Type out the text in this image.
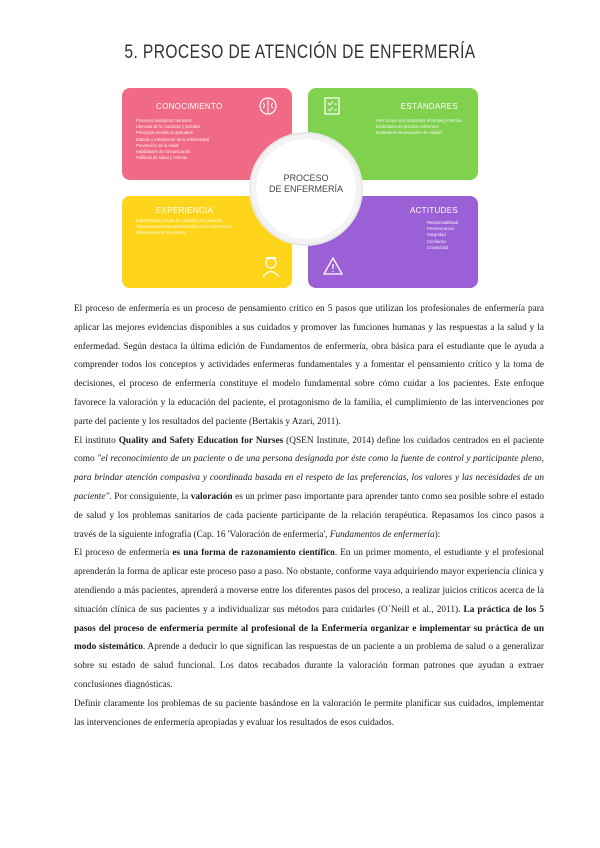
5. PROCESO DE ATENCIÓN DE ENFERMERÍA
CONOCIMIENTO
Procesos biológicos humanos
Ciencias de la conducta y sociales
Principios científicos aplicados
Estudio y tratamiento de la enfermedad
Prevención de la salud
Habilidades de comunicación
Políticas de salud y normas
ESTÁNDARES
ANA Scope and Standards of Nursing Practice
Estándares de práctica enfermera
Estándares intelectuales de calidad
EXPERIENCIA
Experiencias previas en cuidados del paciente
Situaciones previas relacionadas con la enfermería
Observación de los demás
ACTITUDES
Responsabilidad
Perseverancia
Integridad
Confianza
Creatividad
PROCESO
DE ENFERMERÍA

El proceso de enfermería es un proceso de pensamiento crítico en 5 pasos que utilizan los profesionales de enfermería para aplicar las mejores evidencias disponibles a sus cuidados y promover las funciones humanas y las respuestas a la salud y la enfermedad. Según destaca la última edición de Fundamentos de enfermería, obra básica para el estudiante que le ayuda a comprender todos los conceptos y actividades enfermeras fundamentales y a fomentar el pensamiento crítico y la toma de decisiones, el proceso de enfermería constituye el modelo fundamental sobre cómo cuidar a los pacientes. Este enfoque favorece la valoración y la educación del paciente, el protagonismo de la familia, el cumplimiento de las intervenciones por parte del paciente y los resultados del paciente (Bertakis y Azari, 2011).

El instituto Quality and Safety Education for Nurses (QSEN Institute, 2014) define los cuidados centrados en el paciente como "el reconocimiento de un paciente o de una persona designada por éste como la fuente de control y participante pleno, para brindar atención compasiva y coordinada basada en el respeto de las preferencias, los valores y las necesidades de un paciente". Por consiguiente, la valoración es un primer paso importante para aprender tanto como sea posible sobre el estado de salud y los problemas sanitarios de cada paciente participante de la relación terapéutica. Repasamos los cinco pasos a través de la siguiente infografía (Cap. 16 'Valoración de enfermería', Fundamentos de enfermería):

El proceso de enfermería es una forma de razonamiento científico. En un primer momento, el estudiante y el profesional aprenderán la forma de aplicar este proceso paso a paso. No obstante, conforme vaya adquiriendo mayor experiencia clínica y atendiendo a más pacientes, aprenderá a moverse entre los diferentes pasos del proceso, a realizar juicios críticos acerca de la situación clínica de sus pacientes y a individualizar sus métodos para cuidarles (O´Neill et al., 2011). La práctica de los 5 pasos del proceso de enfermería permite al profesional de la Enfermería organizar e implementar su práctica de un modo sistemático. Aprende a deducir lo que significan las respuestas de un paciente a un problema de salud o a generalizar sobre su estado de salud funcional. Los datos recabados durante la valoración forman patrones que ayudan a extraer conclusiones diagnósticas.

Definir claramente los problemas de su paciente basándose en la valoración le permite planificar sus cuidados, implementar las intervenciones de enfermería apropiadas y evaluar los resultados de esos cuidados.
